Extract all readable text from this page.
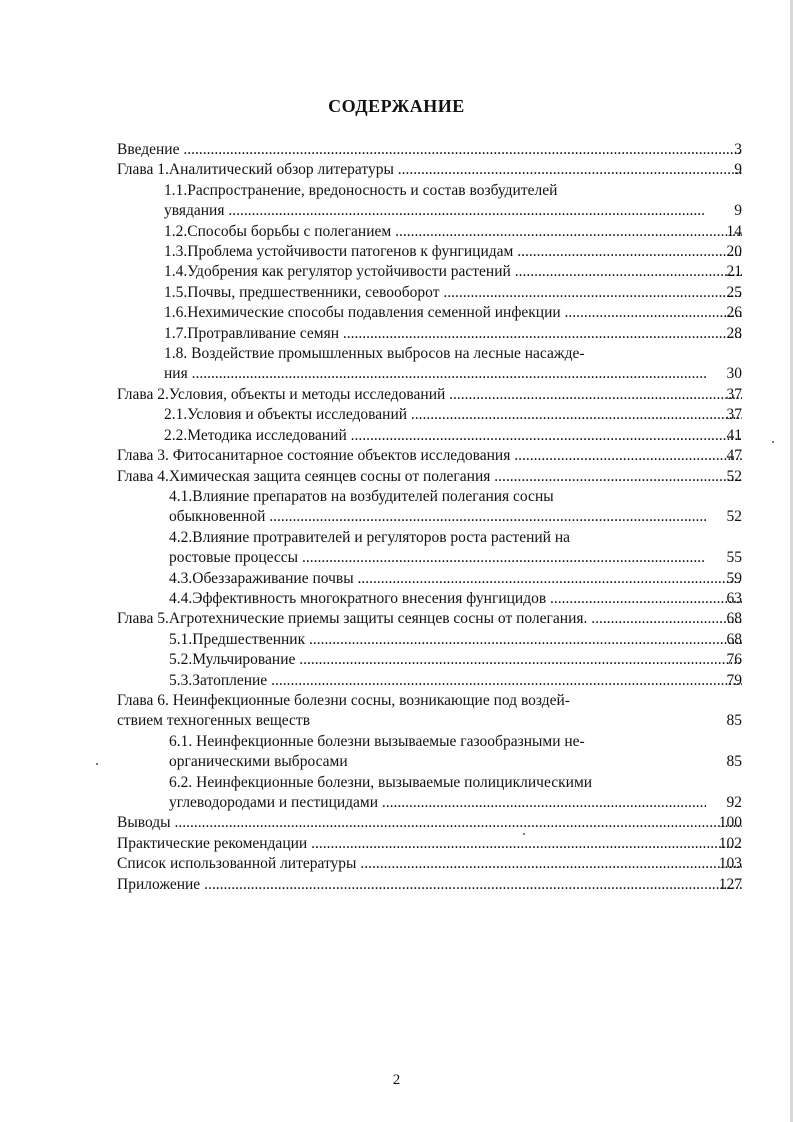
СОДЕРЖАНИЕ
Введение .....	3
Глава 1.Аналитический обзор литературы .....	9
1.1.Распространение, вредоносность и состав возбудителей
увядания .....	9
1.2.Способы борьбы с полеганием .....	14
1.3.Проблема устойчивости патогенов к фунгицидам .....	20
1.4.Удобрения как регулятор устойчивости растений .....	21
1.5.Почвы, предшественники, севооборот .....	25
1.6.Нехимические способы подавления семенной инфекции .....	26
1.7.Протравливание семян .....	28
1.8. Воздействие промышленных выбросов на лесные насажде-
ния .....	30
Глава 2.Условия, объекты и методы исследований .....	37
2.1.Условия и объекты исследований .....	37
2.2.Методика исследований .....	41
Глава 3. Фитосанитарное состояние объектов исследования .....	47
Глава 4.Химическая защита сеянцев сосны от полегания .....	52
4.1.Влияние препаратов на возбудителей полегания сосны
обыкновенной .....	52
4.2.Влияние протравителей и регуляторов роста растений на
ростовые процессы .....	55
4.3.Обеззараживание почвы .....	59
4.4.Эффективность многократного внесения фунгицидов .....	63
Глава 5.Агротехнические приемы защиты сеянцев сосны от полегания. .....	68
5.1.Предшественник .....	68
5.2.Мульчирование .....	76
5.3.Затопление .....	79
Глава 6. Неинфекционные болезни сосны, возникающие под воздей-
ствием техногенных веществ	85
6.1. Неинфекционные болезни вызываемые газообразными не-
органическими выбросами	85
6.2. Неинфекционные болезни, вызываемые полициклическими
углеводородами и пестицидами .....	92
Выводы .....	100
Практические рекомендации .....	102
Список использованной литературы .....	103
Приложение .....	127
2
